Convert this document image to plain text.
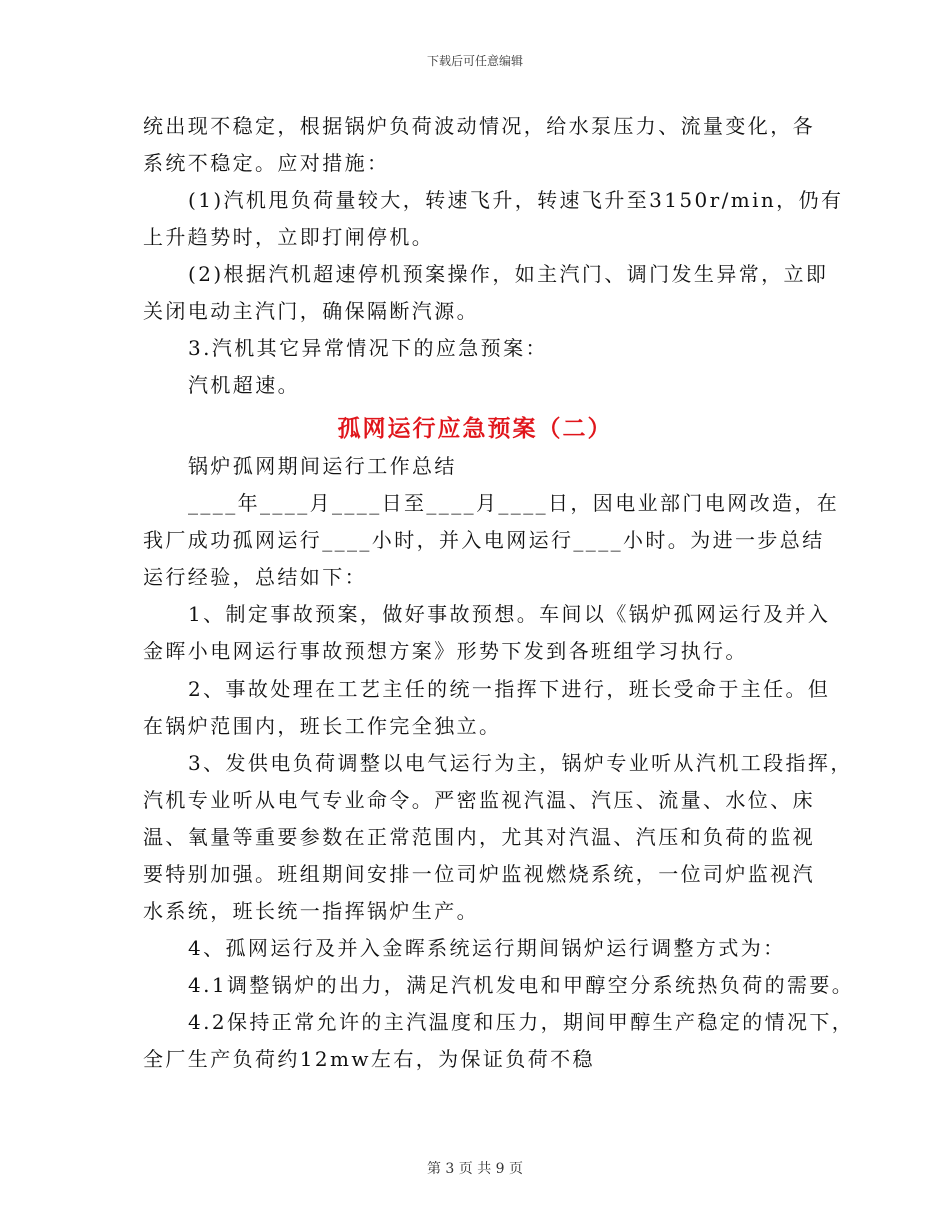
下载后可任意编辑
统出现不稳定，根据锅炉负荷波动情况，给水泵压力、流量变化，各
系统不稳定。应对措施：
(1)汽机甩负荷量较大，转速飞升，转速飞升至3150r/min，仍有
上升趋势时，立即打闸停机。
(2)根据汽机超速停机预案操作，如主汽门、调门发生异常，立即
关闭电动主汽门，确保隔断汽源。
3.汽机其它异常情况下的应急预案：
汽机超速。
孤网运行应急预案（二）
锅炉孤网期间运行工作总结
____年____月____日至____月____日，因电业部门电网改造，在
我厂成功孤网运行____小时，并入电网运行____小时。为进一步总结
运行经验，总结如下：
1、制定事故预案，做好事故预想。车间以《锅炉孤网运行及并入
金晖小电网运行事故预想方案》形势下发到各班组学习执行。
2、事故处理在工艺主任的统一指挥下进行，班长受命于主任。但
在锅炉范围内，班长工作完全独立。
3、发供电负荷调整以电气运行为主，锅炉专业听从汽机工段指挥，
汽机专业听从电气专业命令。严密监视汽温、汽压、流量、水位、床
温、氧量等重要参数在正常范围内，尤其对汽温、汽压和负荷的监视
要特别加强。班组期间安排一位司炉监视燃烧系统，一位司炉监视汽
水系统，班长统一指挥锅炉生产。
4、孤网运行及并入金晖系统运行期间锅炉运行调整方式为：
4.1调整锅炉的出力，满足汽机发电和甲醇空分系统热负荷的需要。
4.2保持正常允许的主汽温度和压力，期间甲醇生产稳定的情况下，
全厂生产负荷约12mw左右，为保证负荷不稳
第 3 页 共 9 页
